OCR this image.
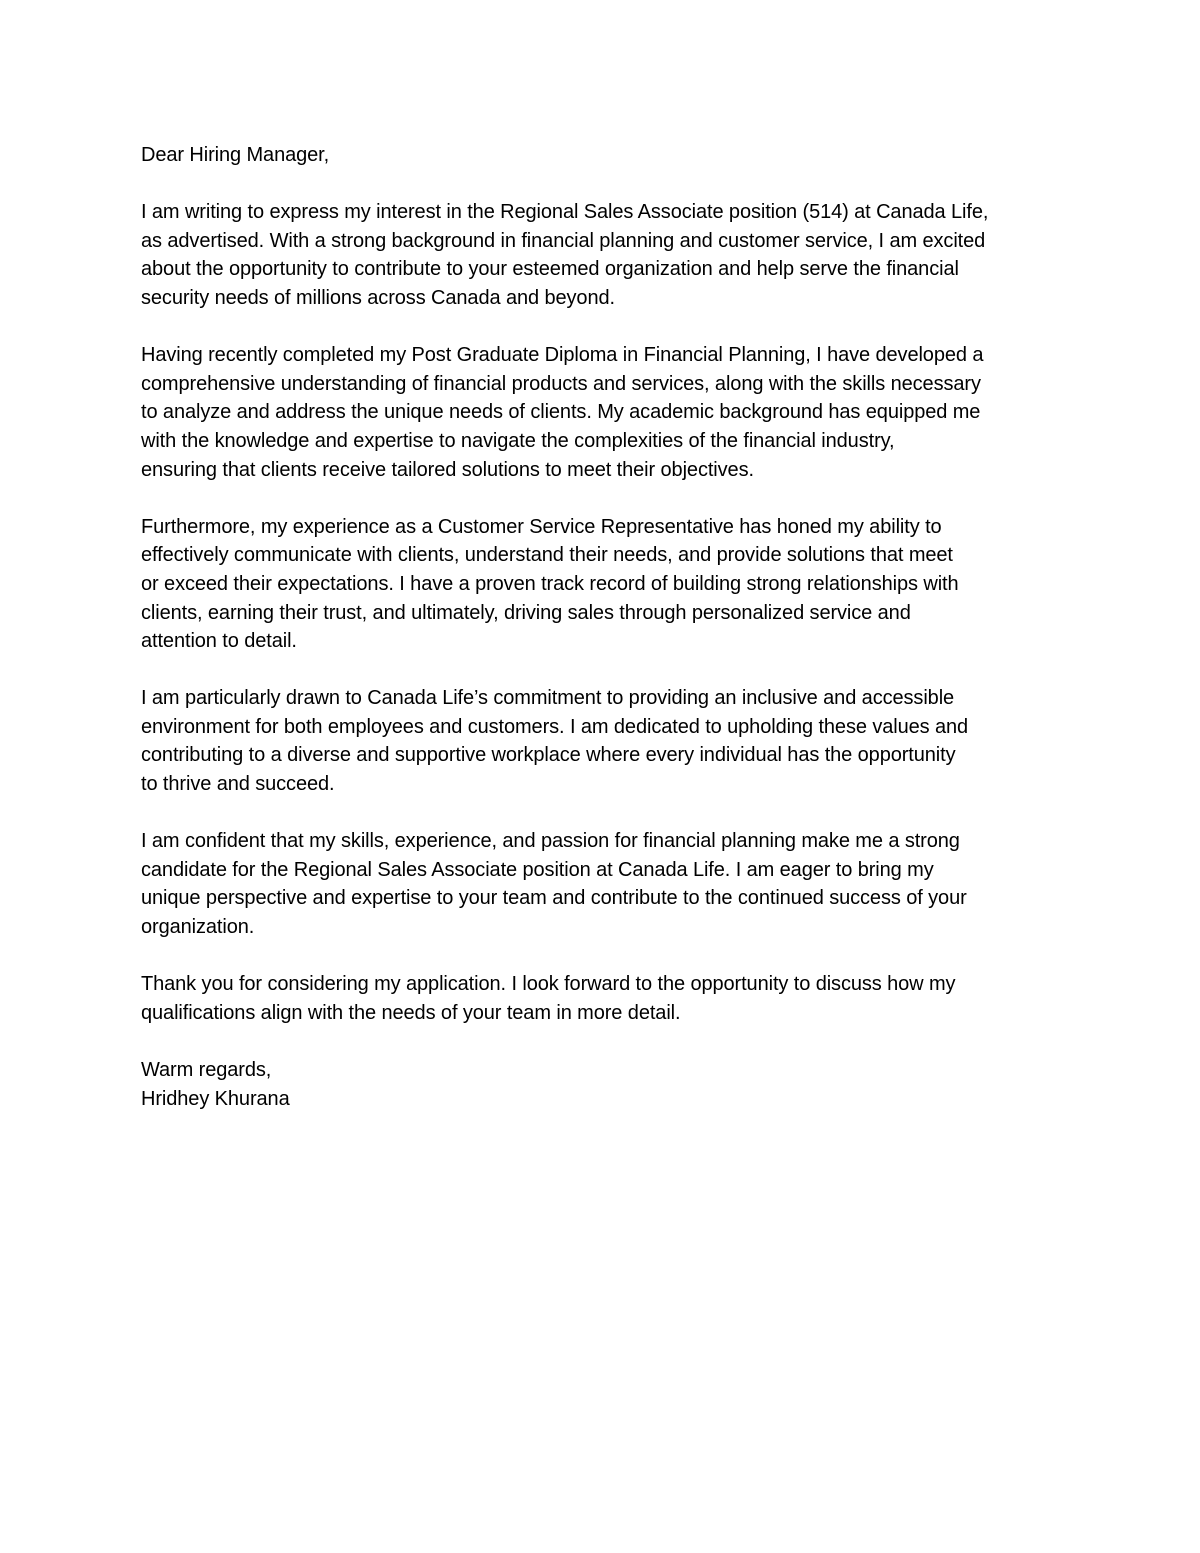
Dear Hiring Manager,
I am writing to express my interest in the Regional Sales Associate position (514) at Canada Life,
as advertised. With a strong background in financial planning and customer service, I am excited
about the opportunity to contribute to your esteemed organization and help serve the financial
security needs of millions across Canada and beyond.
Having recently completed my Post Graduate Diploma in Financial Planning, I have developed a
comprehensive understanding of financial products and services, along with the skills necessary
to analyze and address the unique needs of clients. My academic background has equipped me
with the knowledge and expertise to navigate the complexities of the financial industry,
ensuring that clients receive tailored solutions to meet their objectives.
Furthermore, my experience as a Customer Service Representative has honed my ability to
effectively communicate with clients, understand their needs, and provide solutions that meet
or exceed their expectations. I have a proven track record of building strong relationships with
clients, earning their trust, and ultimately, driving sales through personalized service and
attention to detail.
I am particularly drawn to Canada Life’s commitment to providing an inclusive and accessible
environment for both employees and customers. I am dedicated to upholding these values and
contributing to a diverse and supportive workplace where every individual has the opportunity
to thrive and succeed.
I am confident that my skills, experience, and passion for financial planning make me a strong
candidate for the Regional Sales Associate position at Canada Life. I am eager to bring my
unique perspective and expertise to your team and contribute to the continued success of your
organization.
Thank you for considering my application. I look forward to the opportunity to discuss how my
qualifications align with the needs of your team in more detail.
Warm regards,
Hridhey Khurana
